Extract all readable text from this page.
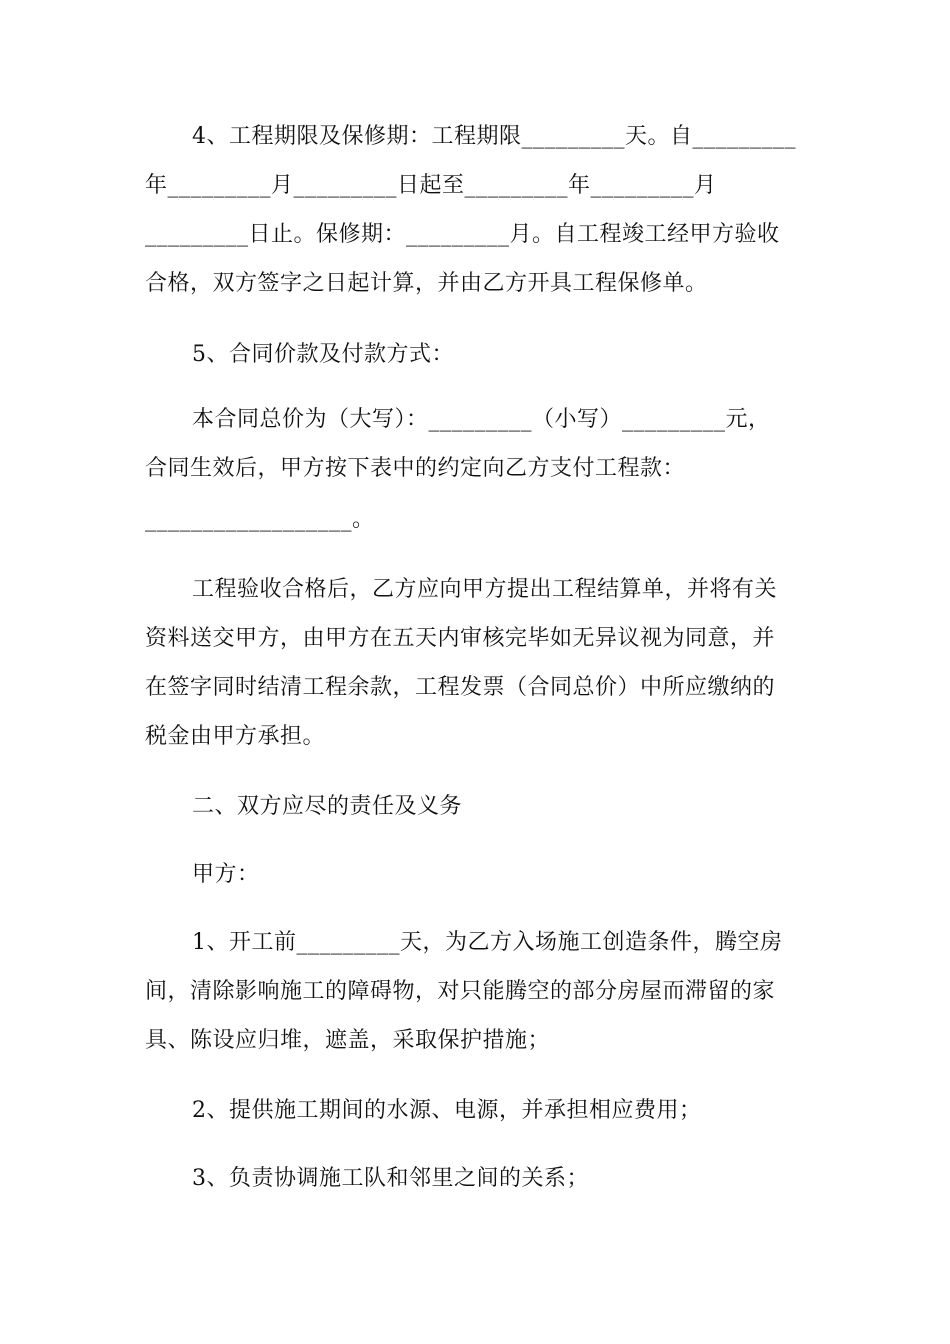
4、工程期限及保修期：工程期限_________天。自_________
年_________月_________日起至_________年_________月
_________日止。保修期：_________月。自工程竣工经甲方验收
合格，双方签字之日起计算，并由乙方开具工程保修单。
5、合同价款及付款方式：
本合同总价为（大写）：_________（小写）_________元，
合同生效后，甲方按下表中的约定向乙方支付工程款：
__________________。
工程验收合格后，乙方应向甲方提出工程结算单，并将有关
资料送交甲方，由甲方在五天内审核完毕如无异议视为同意，并
在签字同时结清工程余款，工程发票（合同总价）中所应缴纳的
税金由甲方承担。
二、双方应尽的责任及义务
甲方：
1、开工前_________天，为乙方入场施工创造条件，腾空房
间，清除影响施工的障碍物，对只能腾空的部分房屋而滞留的家
具、陈设应归堆，遮盖，采取保护措施；
2、提供施工期间的水源、电源，并承担相应费用；
3、负责协调施工队和邻里之间的关系；
